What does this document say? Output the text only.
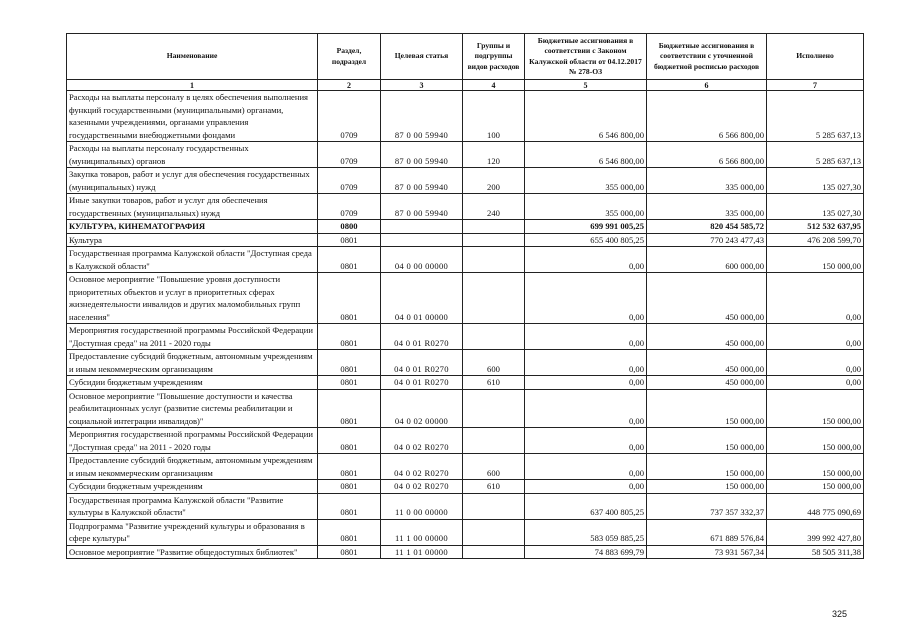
Наименование	Раздел, подраздел	Целевая статья	Группы и подгруппы видов расходов	Бюджетные ассигнования в соответствии с Законом Калужской области от 04.12.2017 № 278-ОЗ	Бюджетные ассигнования в соответствии с уточненной бюджетной росписью расходов	Исполнено
1	2	3	4	5	6	7
Расходы на выплаты персоналу в целях обеспечения выполнения функций государственными (муниципальными) органами, казенными учреждениями, органами управления государственными внебюджетными фондами	0709	87 0 00 59940	100	6 546 800,00	6 566 800,00	5 285 637,13
Расходы на выплаты персоналу государственных (муниципальных) органов	0709	87 0 00 59940	120	6 546 800,00	6 566 800,00	5 285 637,13
Закупка товаров, работ и услуг для обеспечения государственных (муниципальных) нужд	0709	87 0 00 59940	200	355 000,00	335 000,00	135 027,30
Иные закупки товаров, работ и услуг для обеспечения государственных (муниципальных) нужд	0709	87 0 00 59940	240	355 000,00	335 000,00	135 027,30
КУЛЬТУРА, КИНЕМАТОГРАФИЯ	0800			699 991 005,25	820 454 585,72	512 532 637,95
Культура	0801			655 400 805,25	770 243 477,43	476 208 599,70
Государственная программа Калужской области "Доступная среда в Калужской области"	0801	04 0 00 00000		0,00	600 000,00	150 000,00
Основное мероприятие "Повышение уровня доступности приоритетных объектов и услуг в приоритетных сферах жизнедеятельности инвалидов и других маломобильных групп населения"	0801	04 0 01 00000		0,00	450 000,00	0,00
Мероприятия государственной программы Российской Федерации "Доступная среда" на 2011 - 2020 годы	0801	04 0 01 R0270		0,00	450 000,00	0,00
Предоставление субсидий бюджетным, автономным учреждениям и иным некоммерческим организациям	0801	04 0 01 R0270	600	0,00	450 000,00	0,00
Субсидии бюджетным учреждениям	0801	04 0 01 R0270	610	0,00	450 000,00	0,00
Основное мероприятие "Повышение доступности и качества реабилитационных услуг (развитие системы реабилитации и социальной интеграции инвалидов)"	0801	04 0 02 00000		0,00	150 000,00	150 000,00
Мероприятия государственной программы Российской Федерации "Доступная среда" на 2011 - 2020 годы	0801	04 0 02 R0270		0,00	150 000,00	150 000,00
Предоставление субсидий бюджетным, автономным учреждениям и иным некоммерческим организациям	0801	04 0 02 R0270	600	0,00	150 000,00	150 000,00
Субсидии бюджетным учреждениям	0801	04 0 02 R0270	610	0,00	150 000,00	150 000,00
Государственная программа Калужской области "Развитие культуры в Калужской области"	0801	11 0 00 00000		637 400 805,25	737 357 332,37	448 775 090,69
Подпрограмма "Развитие учреждений культуры и образования в сфере культуры"	0801	11 1 00 00000		583 059 885,25	671 889 576,84	399 992 427,80
Основное мероприятие "Развитие общедоступных библиотек"	0801	11 1 01 00000		74 883 699,79	73 931 567,34	58 505 311,38
325
